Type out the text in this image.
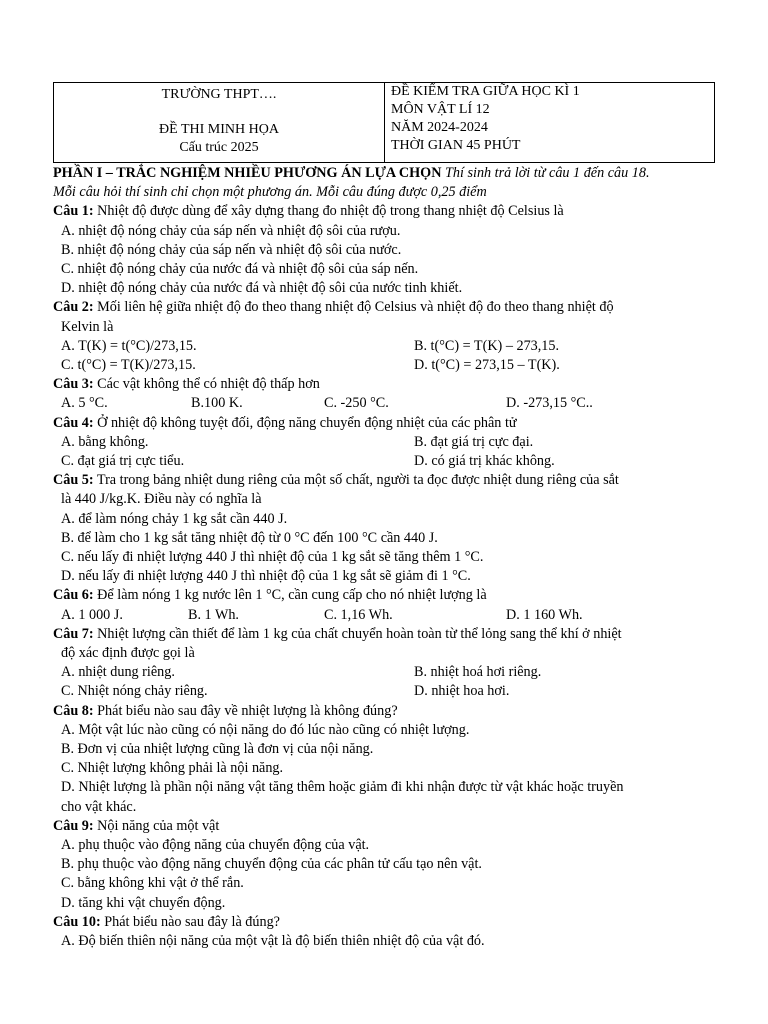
TRƯỜNG THPT….
ĐỀ THI MINH HỌA
Cấu trúc 2025

ĐỀ KIỂM TRA GIỮA HỌC KÌ 1
MÔN VẬT LÍ 12
NĂM 2024-2024
THỜI GIAN 45 PHÚT
PHẦN I – TRẮC NGHIỆM NHIỀU PHƯƠNG ÁN LỰA CHỌN Thí sinh trả lời từ câu 1 đến câu 18.
Mỗi câu hỏi thí sinh chỉ chọn một phương án. Mỗi câu đúng được 0,25 điểm
Câu 1: Nhiệt độ được dùng để xây dựng thang đo nhiệt độ trong thang nhiệt độ Celsius là
A. nhiệt độ nóng chảy của sáp nến và nhiệt độ sôi của rượu.
B. nhiệt độ nóng chảy của sáp nến và nhiệt độ sôi của nước.
C. nhiệt độ nóng chảy của nước đá và nhiệt độ sôi của sáp nến.
D. nhiệt độ nóng chảy của nước đá và nhiệt độ sôi của nước tinh khiết.
Câu 2: Mối liên hệ giữa nhiệt độ đo theo thang nhiệt độ Celsius và nhiệt độ đo theo thang nhiệt độ
Kelvin là
A. T(K) = t(°C)/273,15.	B. t(°C) = T(K) – 273,15.
C. t(°C) = T(K)/273,15.	D. t(°C) = 273,15 – T(K).
Câu 3: Các vật không thể có nhiệt độ thấp hơn
A. 5 °C.	B.100 K.	C. -250 °C.	D. -273,15 °C..
Câu 4: Ở nhiệt độ không tuyệt đối, động năng chuyển động nhiệt của các phân tử
A. bằng không.	B. đạt giá trị cực đại.
C. đạt giá trị cực tiểu.	D. có giá trị khác không.
Câu 5: Tra trong bảng nhiệt dung riêng của một số chất, người ta đọc được nhiệt dung riêng của sắt
là 440 J/kg.K. Điều này có nghĩa là
A. để làm nóng chảy 1 kg sắt cần 440 J.
B. để làm cho 1 kg sắt tăng nhiệt độ từ 0 °C đến 100 °C cần 440 J.
C. nếu lấy đi nhiệt lượng 440 J thì nhiệt độ của 1 kg sắt sẽ tăng thêm 1 °C.
D. nếu lấy đi nhiệt lượng 440 J thì nhiệt độ của 1 kg sắt sẽ giảm đi 1 °C.
Câu 6: Để làm nóng 1 kg nước lên 1 °C, cần cung cấp cho nó nhiệt lượng là
A. 1 000 J.	B. 1 Wh.	C. 1,16 Wh.	D. 1 160 Wh.
Câu 7: Nhiệt lượng cần thiết để làm 1 kg của chất chuyển hoàn toàn từ thể lỏng sang thể khí ở nhiệt
độ xác định được gọi là
A. nhiệt dung riêng.	B. nhiệt hoá hơi riêng.
C. Nhiệt nóng chảy riêng.	D. nhiệt hoa hơi.
Câu 8: Phát biểu nào sau đây về nhiệt lượng là không đúng?
A. Một vật lúc nào cũng có nội năng do đó lúc nào cũng có nhiệt lượng.
B. Đơn vị của nhiệt lượng cũng là đơn vị của nội năng.
C. Nhiệt lượng không phải là nội năng.
D. Nhiệt lượng là phần nội năng vật tăng thêm hoặc giảm đi khi nhận được từ vật khác hoặc truyền
cho vật khác.
Câu 9: Nội năng của một vật
A. phụ thuộc vào động năng của chuyển động của vật.
B. phụ thuộc vào động năng chuyển động của các phân tử cấu tạo nên vật.
C. bằng không khi vật ở thể rắn.
D. tăng khi vật chuyển động.
Câu 10: Phát biểu nào sau đây là đúng?
A. Độ biến thiên nội năng của một vật là độ biến thiên nhiệt độ của vật đó.
